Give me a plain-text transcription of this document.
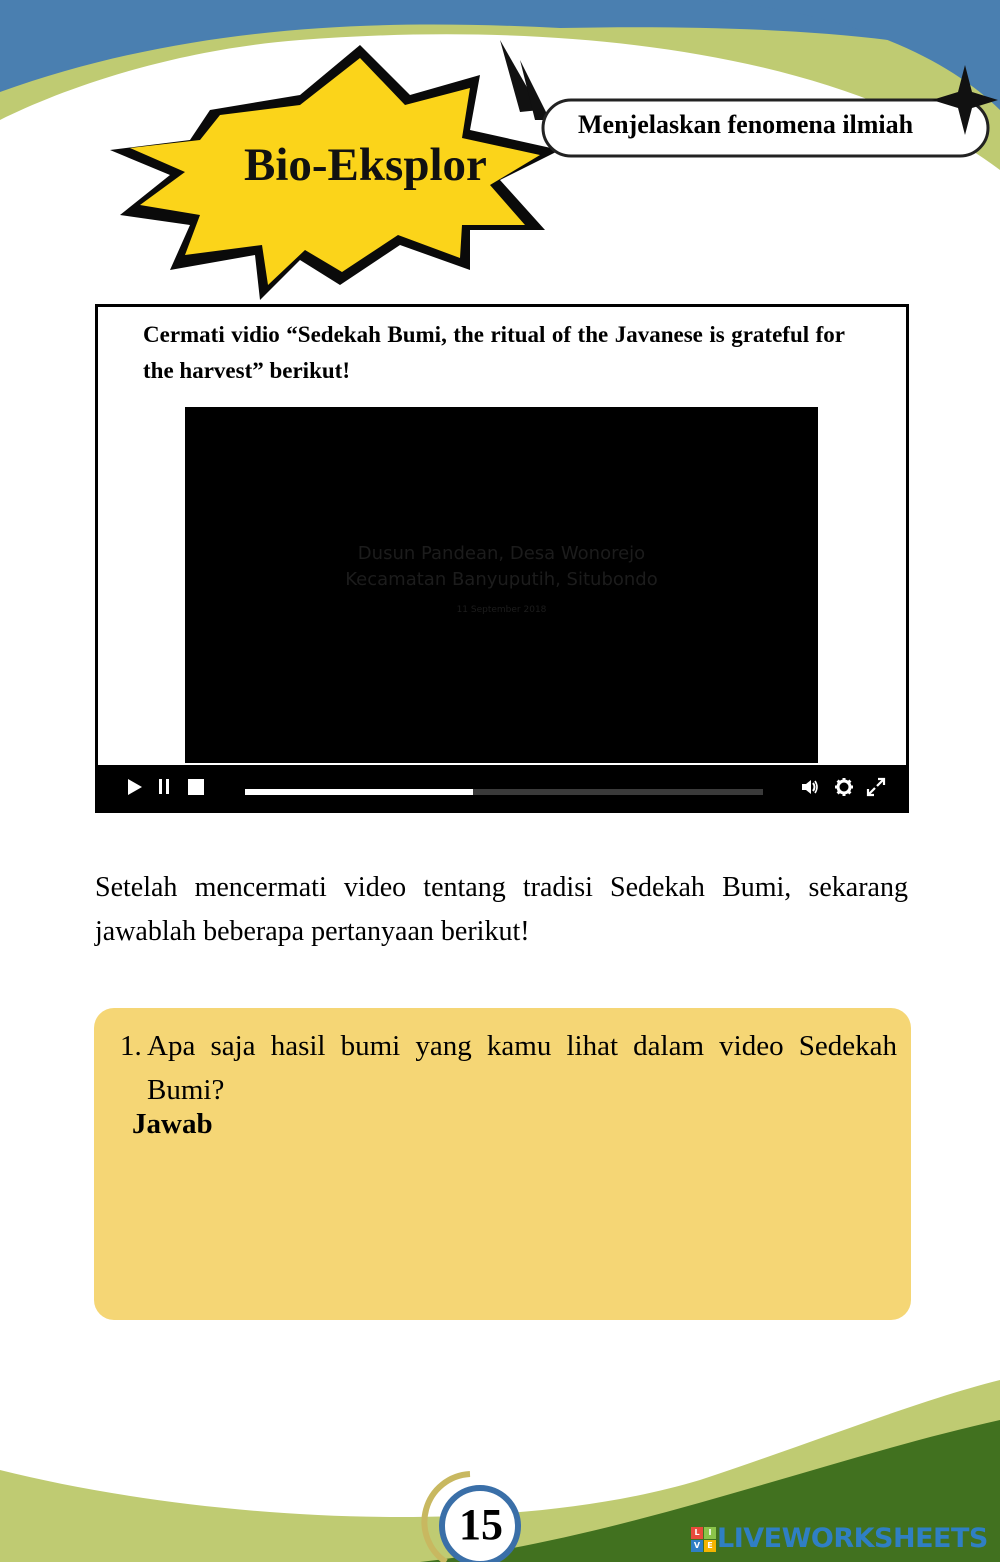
Menjelaskan fenomena ilmiah
Bio-Eksplor
Cermati vidio “Sedekah Bumi, the ritual of the Javanese is grateful for the harvest” berikut!
Dusun Pandean, Desa Wonorejo
Kecamatan Banyuputih, Situbondo
11 September 2018
Setelah mencermati video tentang tradisi Sedekah Bumi, sekarang jawablah beberapa pertanyaan berikut!
1. Apa saja hasil bumi yang kamu lihat dalam video Sedekah Bumi?
Jawab
15	L	I
V E LIVEWORKSHEETS
